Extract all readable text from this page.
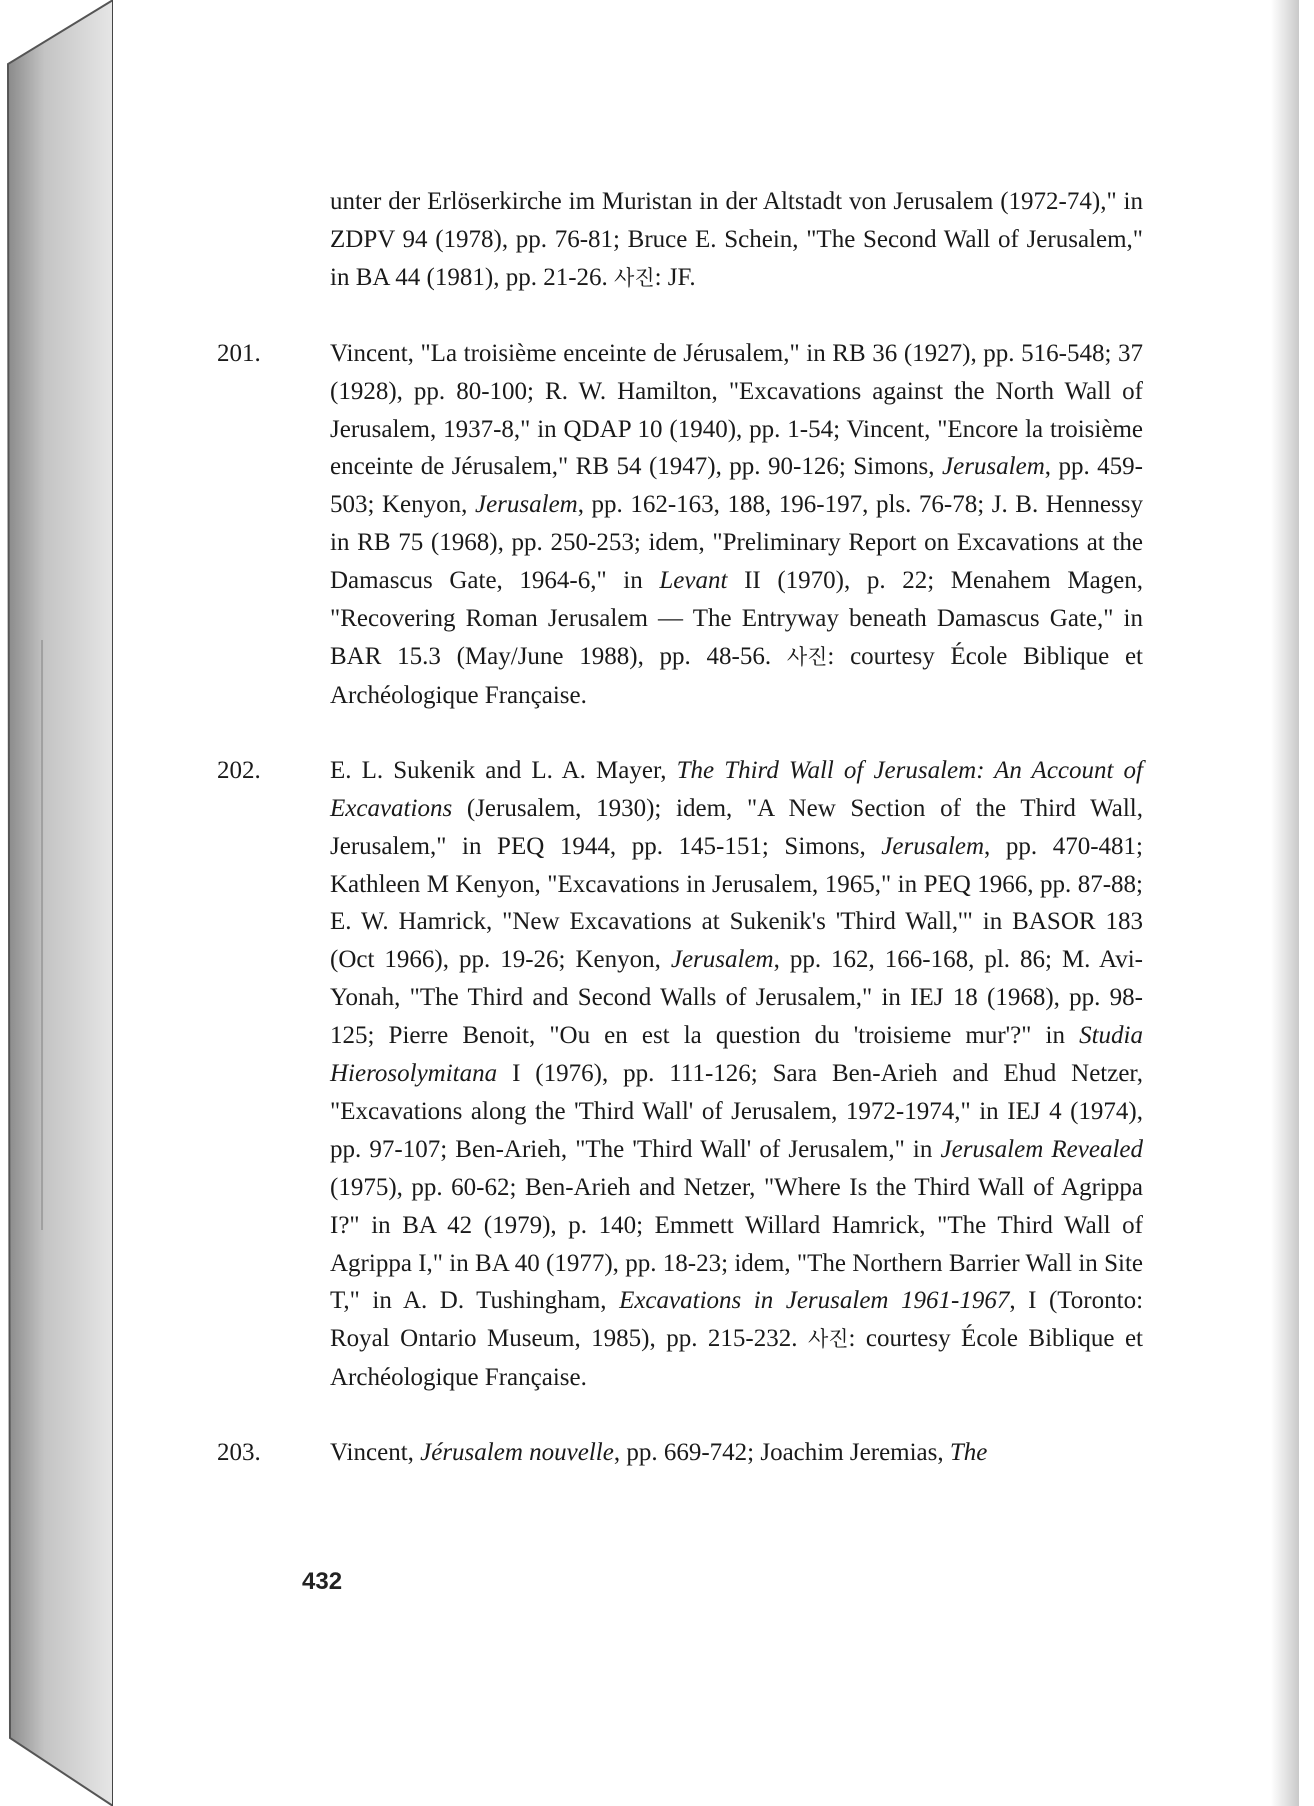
unter der Erlöserkirche im Muristan in der Altstadt von Jerusalem (1972-74)," in ZDPV 94 (1978), pp. 76-81; Bruce E. Schein, "The Second Wall of Jerusalem," in BA 44 (1981), pp. 21-26. 사진: JF.

201.	Vincent, "La troisième enceinte de Jérusalem," in RB 36 (1927), pp. 516-548; 37 (1928), pp. 80-100; R. W. Hamilton, "Excavations against the North Wall of Jerusalem, 1937-8," in QDAP 10 (1940), pp. 1-54; Vincent, "Encore la troisième enceinte de Jérusalem," RB 54 (1947), pp. 90-126; Simons, Jerusalem, pp. 459-503; Kenyon, Jerusalem, pp. 162-163, 188, 196-197, pls. 76-78; J. B. Hennessy in RB 75 (1968), pp. 250-253; idem, "Preliminary Report on Excavations at the Damascus Gate, 1964-6," in Levant II (1970), p. 22; Menahem Magen, "Recovering Roman Jerusalem — The Entryway beneath Damascus Gate," in BAR 15.3 (May/June 1988), pp. 48-56. 사진: courtesy École Biblique et Archéologique Française.

202.	E. L. Sukenik and L. A. Mayer, The Third Wall of Jerusalem: An Account of Excavations (Jerusalem, 1930); idem, "A New Section of the Third Wall, Jerusalem," in PEQ 1944, pp. 145-151; Simons, Jerusalem, pp. 470-481; Kathleen M Kenyon, "Excavations in Jerusalem, 1965," in PEQ 1966, pp. 87-88; E. W. Hamrick, "New Excavations at Sukenik's 'Third Wall,'" in BASOR 183 (Oct 1966), pp. 19-26; Kenyon, Jerusalem, pp. 162, 166-168, pl. 86; M. Avi-Yonah, "The Third and Second Walls of Jerusalem," in IEJ 18 (1968), pp. 98-125; Pierre Benoit, "Ou en est la question du 'troisieme mur'?" in Studia Hierosolymitana I (1976), pp. 111-126; Sara Ben-Arieh and Ehud Netzer, "Excavations along the 'Third Wall' of Jerusalem, 1972-1974," in IEJ 4 (1974), pp. 97-107; Ben-Arieh, "The 'Third Wall' of Jerusalem," in Jerusalem Revealed (1975), pp. 60-62; Ben-Arieh and Netzer, "Where Is the Third Wall of Agrippa I?" in BA 42 (1979), p. 140; Emmett Willard Hamrick, "The Third Wall of Agrippa I," in BA 40 (1977), pp. 18-23; idem, "The Northern Barrier Wall in Site T," in A. D. Tushingham, Excavations in Jerusalem 1961-1967, I (Toronto: Royal Ontario Museum, 1985), pp. 215-232. 사진: courtesy École Biblique et Archéologique Française.

203.	Vincent, Jérusalem nouvelle, pp. 669-742; Joachim Jeremias, The

432
